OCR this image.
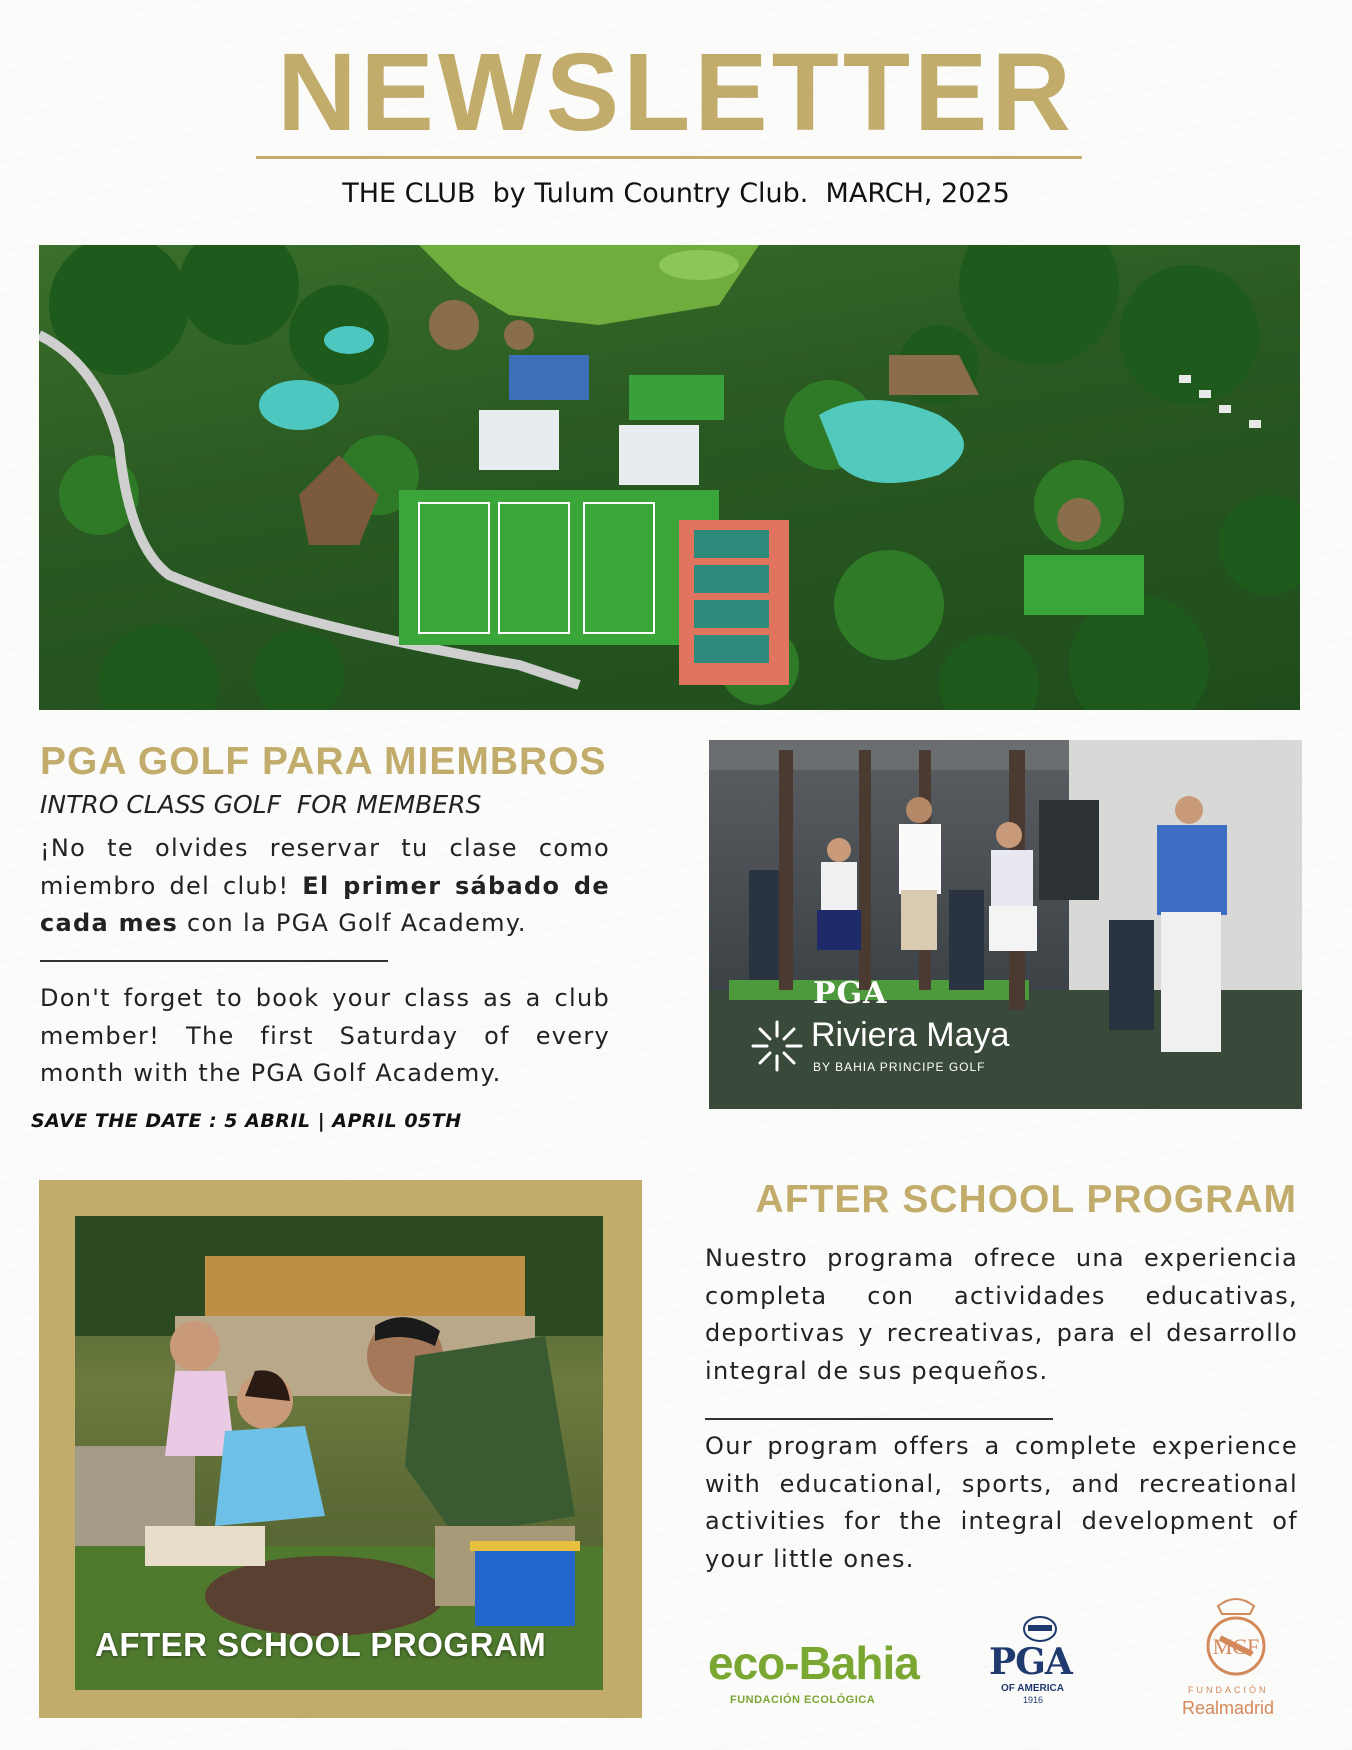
NEWSLETTER
THE CLUB  by Tulum Country Club.  MARCH, 2025
PGA GOLF PARA MIEMBROS
INTRO CLASS GOLF  FOR MEMBERS
¡No te olvides reservar tu clase como miembro del club! El primer sábado de cada mes con la PGA Golf Academy.
Don't forget to book your class as a club member! The first Saturday of every month with the PGA Golf Academy.
SAVE THE DATE : 5 ABRIL | APRIL 05TH
PGA
Riviera Maya
BY BAHIA PRINCIPE GOLF
AFTER SCHOOL PROGRAM
AFTER SCHOOL PROGRAM
Nuestro programa ofrece una experiencia completa con actividades educativas, deportivas y recreativas, para el desarrollo integral de sus pequeños.
Our program offers a complete experience with educational, sports, and recreational activities for the integral development of your little ones.
eco-Bahia
FUNDACIÓN ECOLÓGICA
PGA
OF AMERICA
1916
MCF
FUNDACIÓN
Realmadrid
